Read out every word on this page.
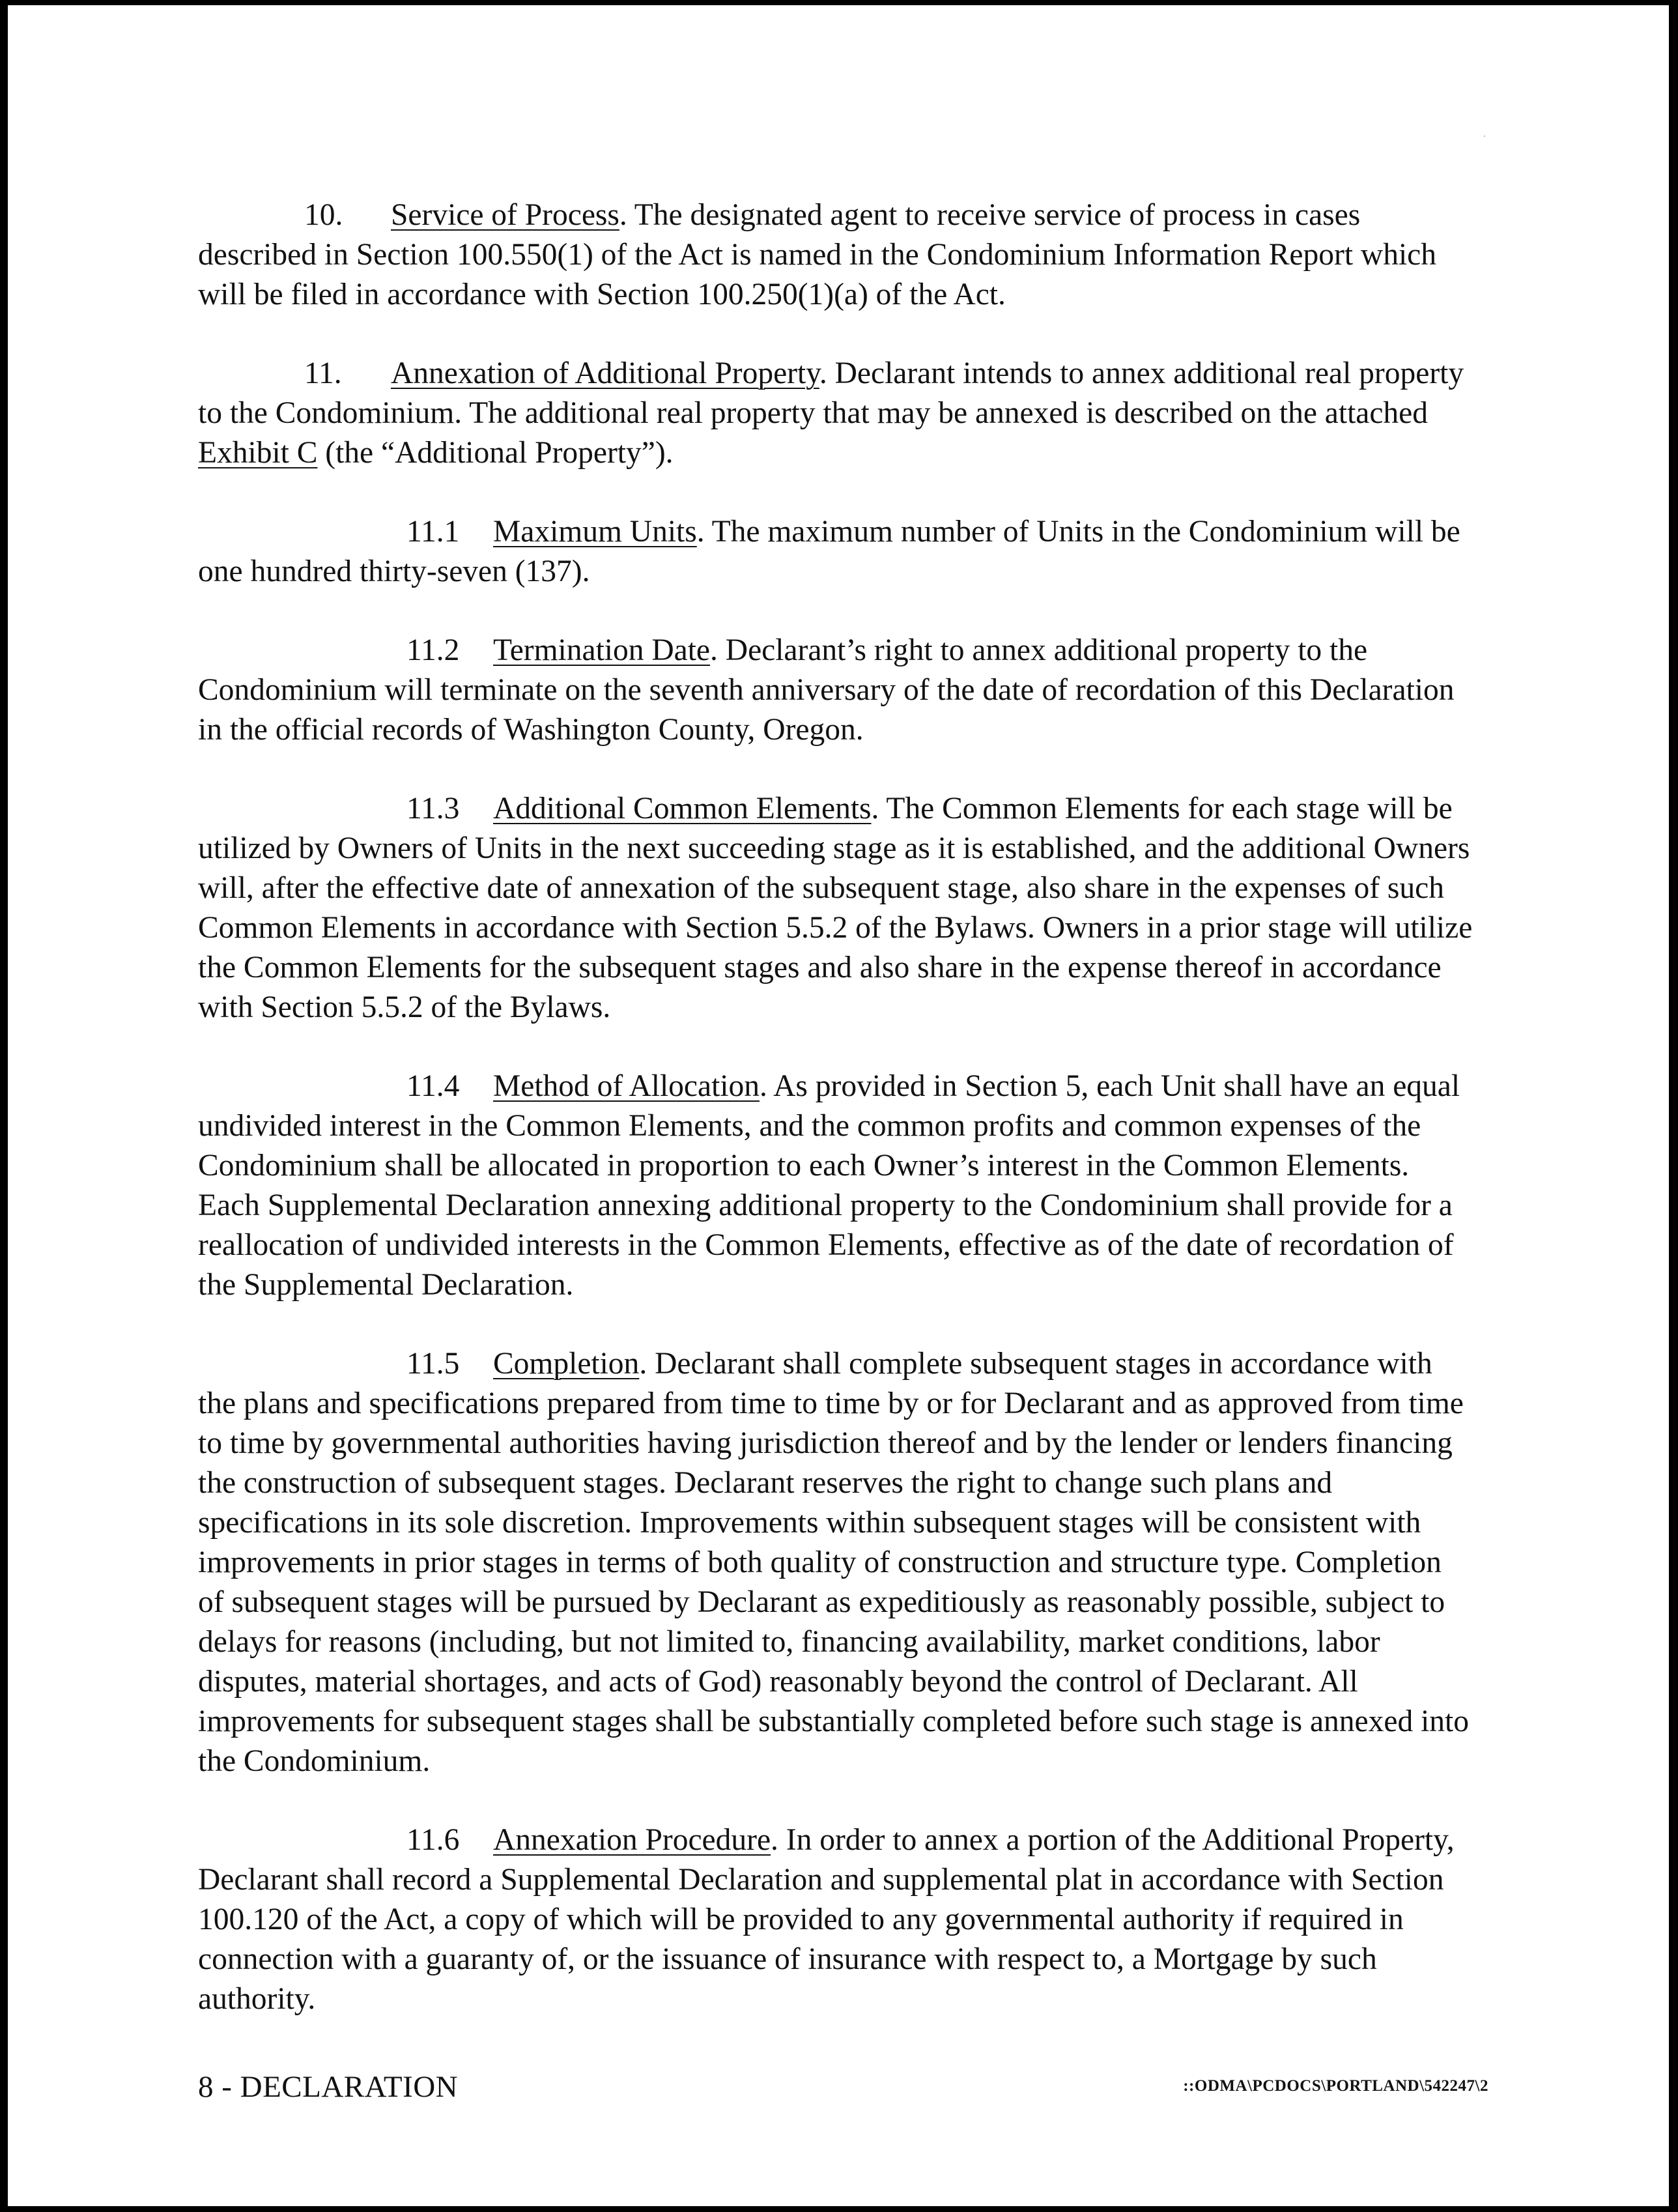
10. Service of Process. The designated agent to receive service of process in cases described in Section 100.550(1) of the Act is named in the Condominium Information Report which will be filed in accordance with Section 100.250(1)(a) of the Act.

11. Annexation of Additional Property. Declarant intends to annex additional real property to the Condominium. The additional real property that may be annexed is described on the attached Exhibit C (the “Additional Property”).

11.1 Maximum Units. The maximum number of Units in the Condominium will be one hundred thirty-seven (137).

11.2 Termination Date. Declarant’s right to annex additional property to the Condominium will terminate on the seventh anniversary of the date of recordation of this Declaration in the official records of Washington County, Oregon.

11.3 Additional Common Elements. The Common Elements for each stage will be utilized by Owners of Units in the next succeeding stage as it is established, and the additional Owners will, after the effective date of annexation of the subsequent stage, also share in the expenses of such Common Elements in accordance with Section 5.5.2 of the Bylaws. Owners in a prior stage will utilize the Common Elements for the subsequent stages and also share in the expense thereof in accordance with Section 5.5.2 of the Bylaws.

11.4 Method of Allocation. As provided in Section 5, each Unit shall have an equal undivided interest in the Common Elements, and the common profits and common expenses of the Condominium shall be allocated in proportion to each Owner’s interest in the Common Elements. Each Supplemental Declaration annexing additional property to the Condominium shall provide for a reallocation of undivided interests in the Common Elements, effective as of the date of recordation of the Supplemental Declaration.

11.5 Completion. Declarant shall complete subsequent stages in accordance with the plans and specifications prepared from time to time by or for Declarant and as approved from time to time by governmental authorities having jurisdiction thereof and by the lender or lenders financing the construction of subsequent stages. Declarant reserves the right to change such plans and specifications in its sole discretion. Improvements within subsequent stages will be consistent with improvements in prior stages in terms of both quality of construction and structure type. Completion of subsequent stages will be pursued by Declarant as expeditiously as reasonably possible, subject to delays for reasons (including, but not limited to, financing availability, market conditions, labor disputes, material shortages, and acts of God) reasonably beyond the control of Declarant. All improvements for subsequent stages shall be substantially completed before such stage is annexed into the Condominium.

11.6 Annexation Procedure. In order to annex a portion of the Additional Property, Declarant shall record a Supplemental Declaration and supplemental plat in accordance with Section 100.120 of the Act, a copy of which will be provided to any governmental authority if required in connection with a guaranty of, or the issuance of insurance with respect to, a Mortgage by such authority.

8 - DECLARATION	::ODMA\PCDOCS\PORTLAND\542247\2
